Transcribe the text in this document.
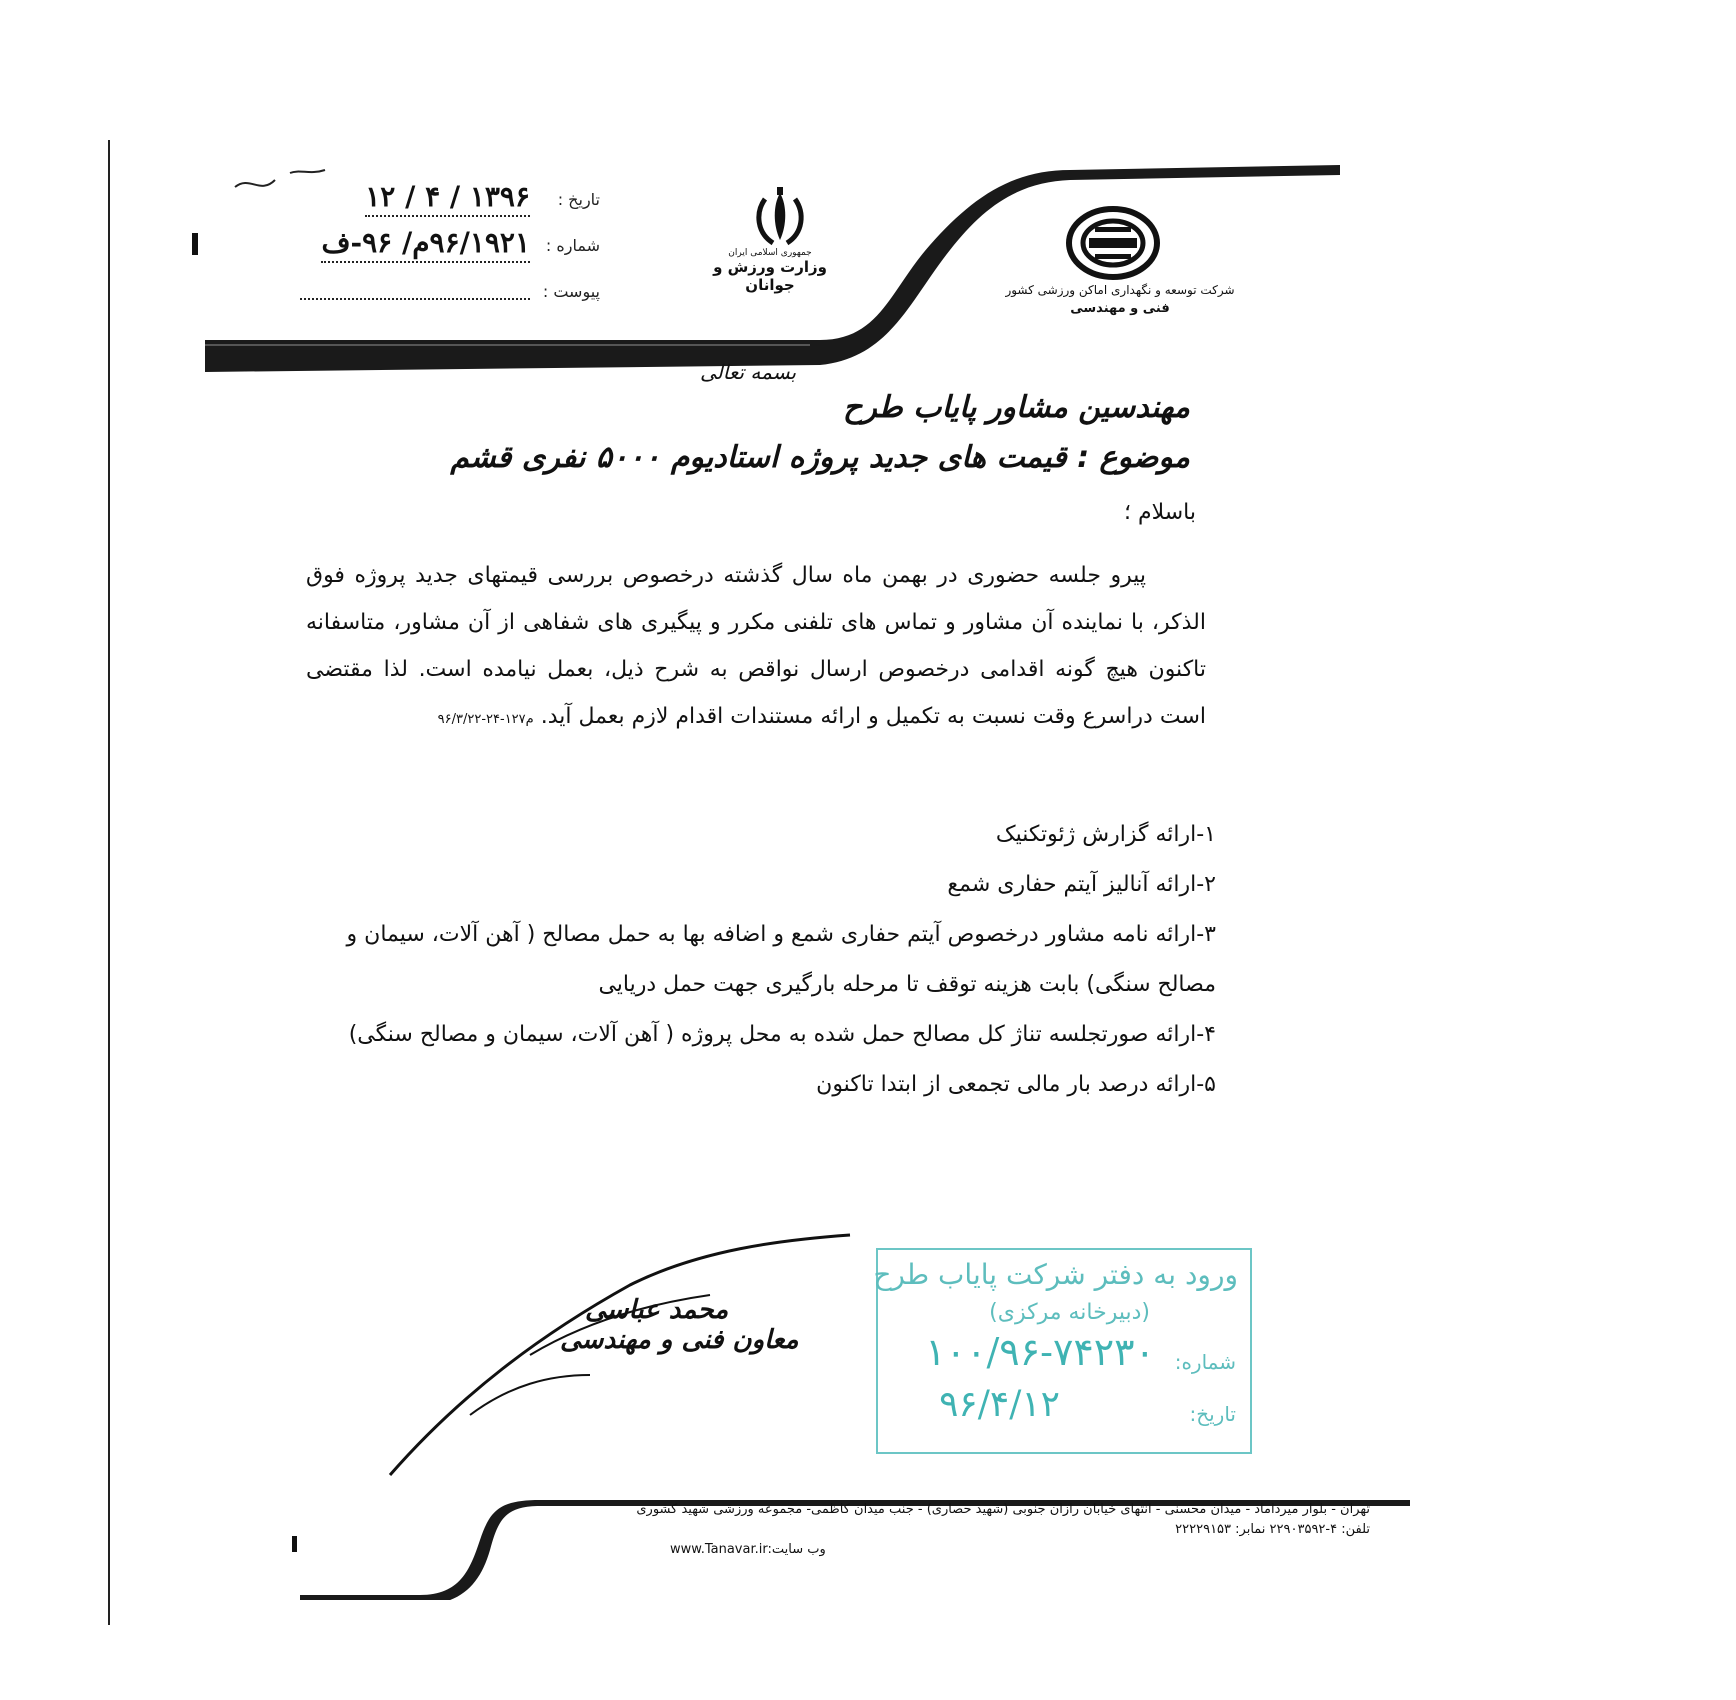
تاریخ :
۱۳۹۶ / ۴ / ۱۲
شماره :
۹۶/۱۹۲۱م/ ۹۶-ف
پیوست :
جمهوری اسلامی ایران
وزارت ورزش و جوانان	شرکت توسعه و نگهداری اماکن ورزشی کشور
فنی و مهندسی
بسمه تعالی
مهندسین مشاور پایاب طرح
موضوع : قیمت های جدید پروژه استادیوم ۵۰۰۰ نفری قشم
باسلام ؛

پیرو جلسه حضوری در بهمن ماه سال گذشته درخصوص بررسی قیمتهای جدید پروژه فوق الذکر، با نماینده آن مشاور و تماس های تلفنی مکرر و پیگیری های شفاهی از آن مشاور، متاسفانه تاکنون هیچ گونه اقدامی درخصوص ارسال نواقص به شرح ذیل، بعمل نیامده است. لذا مقتضی است دراسرع وقت نسبت به تکمیل و ارائه مستندات اقدام لازم بعمل آید. م۱۲۷-۲۴-۹۶/۳/۲۲

۱-ارائه گزارش ژئوتکنیک
۲-ارائه آنالیز آیتم حفاری شمع
۳-ارائه نامه مشاور درخصوص آیتم حفاری شمع و اضافه بها به حمل مصالح ( آهن آلات، سیمان و مصالح سنگی) بابت هزینه توقف تا مرحله بارگیری جهت حمل دریایی
۴-ارائه صورتجلسه تناژ کل مصالح حمل شده به محل پروژه ( آهن آلات، سیمان و مصالح سنگی)
۵-ارائه درصد بار مالی تجمعی از ابتدا تاکنون
محمد عباسی
معاون فنی و مهندسی
ورود به دفتر شرکت پایاب طرح
(دبیرخانه مرکزی)
شماره:
۱۰۰/۹۶-۷۴۲۳۰
تاریخ:
۹۶/۴/۱۲
تهران - بلوار میرداماد - میدان محسنی - انتهای خیابان رازان جنوبی (شهید حصاری) - جنب میدان کاظمی- مجموعه ورزشی شهید کشوری
تلفن: ۴-۲۲۹۰۳۵۹۲ نمابر: ۲۲۲۲۹۱۵۳
www.Tanavar.ir:وب سایت
